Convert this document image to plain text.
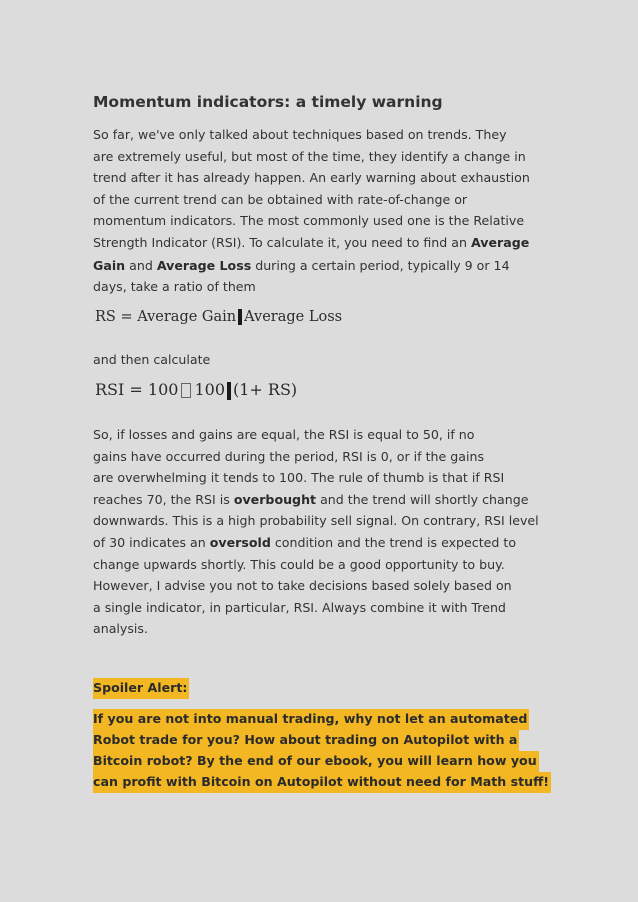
Momentum indicators: a timely warning
So far, we've only talked about techniques based on trends. They
are extremely useful, but most of the time, they identify a change in
trend after it has already happen. An early warning about exhaustion
of the current trend can be obtained with rate-of-change or
momentum indicators. The most commonly used one is the Relative
Strength Indicator (RSI). To calculate it, you need to find an Average
Gain and Average Loss during a certain period, typically 9 or 14
days, take a ratio of them
RS = Average Gain Average Loss
and then calculate
RSI = 100 100 (1+ RS)
So, if losses and gains are equal, the RSI is equal to 50, if no
gains have occurred during the period, RSI is 0, or if the gains
are overwhelming it tends to 100. The rule of thumb is that if RSI
reaches 70, the RSI is overbought and the trend will shortly change
downwards. This is a high probability sell signal. On contrary, RSI level
of 30 indicates an oversold condition and the trend is expected to
change upwards shortly. This could be a good opportunity to buy.
However, I advise you not to take decisions based solely based on
a single indicator, in particular, RSI. Always combine it with Trend
analysis.
Spoiler Alert:
If you are not into manual trading, why not let an automated
Robot trade for you? How about trading on Autopilot with a
Bitcoin robot? By the end of our ebook, you will learn how you
can profit with Bitcoin on Autopilot without need for Math stuff!
